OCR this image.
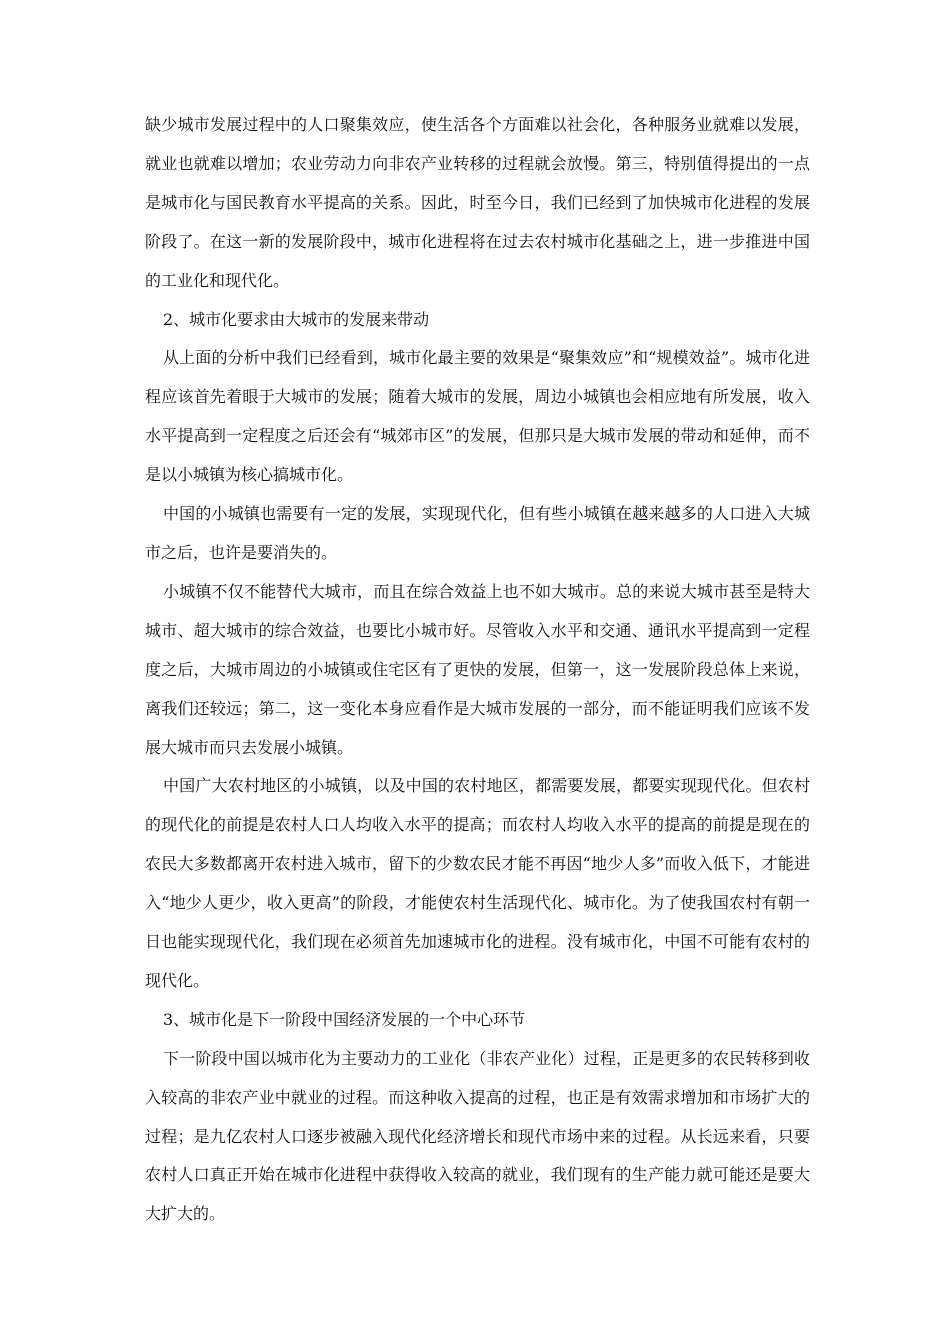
缺少城市发展过程中的人口聚集效应，使生活各个方面难以社会化，各种服务业就难以发展，就业也就难以增加；农业劳动力向非农产业转移的过程就会放慢。第三，特别值得提出的一点是城市化与国民教育水平提高的关系。因此，时至今日，我们已经到了加快城市化进程的发展阶段了。在这一新的发展阶段中，城市化进程将在过去农村城市化基础之上，进一步推进中国的工业化和现代化。

2、城市化要求由大城市的发展来带动

从上面的分析中我们已经看到，城市化最主要的效果是“聚集效应”和“规模效益”。城市化进程应该首先着眼于大城市的发展；随着大城市的发展，周边小城镇也会相应地有所发展，收入水平提高到一定程度之后还会有“城郊市区”的发展，但那只是大城市发展的带动和延伸，而不是以小城镇为核心搞城市化。

中国的小城镇也需要有一定的发展，实现现代化，但有些小城镇在越来越多的人口进入大城市之后，也许是要消失的。

小城镇不仅不能替代大城市，而且在综合效益上也不如大城市。总的来说大城市甚至是特大城市、超大城市的综合效益，也要比小城市好。尽管收入水平和交通、通讯水平提高到一定程度之后，大城市周边的小城镇或住宅区有了更快的发展，但第一，这一发展阶段总体上来说，离我们还较远；第二，这一变化本身应看作是大城市发展的一部分，而不能证明我们应该不发展大城市而只去发展小城镇。

中国广大农村地区的小城镇，以及中国的农村地区，都需要发展，都要实现现代化。但农村的现代化的前提是农村人口人均收入水平的提高；而农村人均收入水平的提高的前提是现在的农民大多数都离开农村进入城市，留下的少数农民才能不再因“地少人多”而收入低下，才能进入“地少人更少，收入更高”的阶段，才能使农村生活现代化、城市化。为了使我国农村有朝一日也能实现现代化，我们现在必须首先加速城市化的进程。没有城市化，中国不可能有农村的现代化。

3、城市化是下一阶段中国经济发展的一个中心环节

下一阶段中国以城市化为主要动力的工业化（非农产业化）过程，正是更多的农民转移到收入较高的非农产业中就业的过程。而这种收入提高的过程，也正是有效需求增加和市场扩大的过程；是九亿农村人口逐步被融入现代化经济增长和现代市场中来的过程。从长远来看，只要农村人口真正开始在城市化进程中获得收入较高的就业，我们现有的生产能力就可能还是要大大扩大的。
